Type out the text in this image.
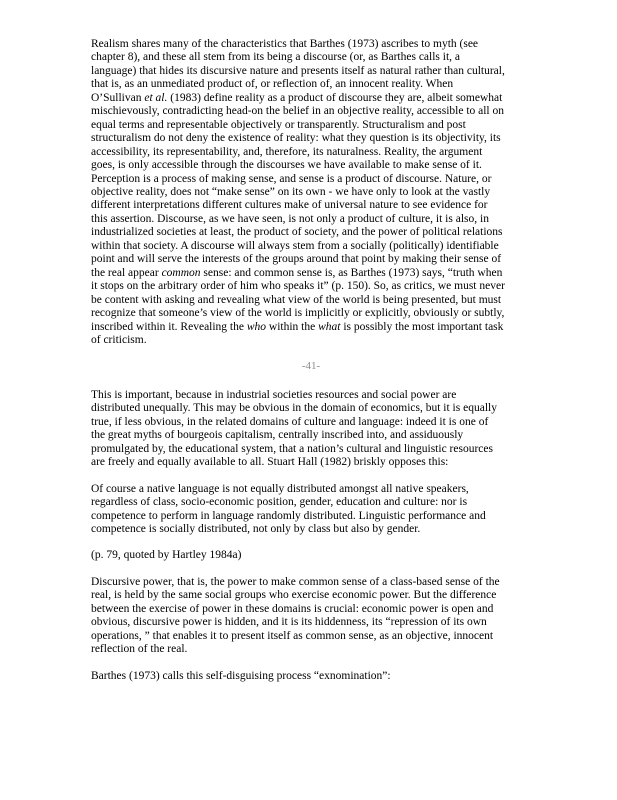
Realism shares many of the characteristics that Barthes (1973) ascribes to myth (see
chapter 8), and these all stem from its being a discourse (or, as Barthes calls it, a
language) that hides its discursive nature and presents itself as natural rather than cultural,
that is, as an unmediated product of, or reflection of, an innocent reality. When
O’Sullivan et al. (1983) define reality as a product of discourse they are, albeit somewhat
mischievously, contradicting head-on the belief in an objective reality, accessible to all on
equal terms and representable objectively or transparently. Structuralism and post
structuralism do not deny the existence of reality: what they question is its objectivity, its
accessibility, its representability, and, therefore, its naturalness. Reality, the argument
goes, is only accessible through the discourses we have available to make sense of it.
Perception is a process of making sense, and sense is a product of discourse. Nature, or
objective reality, does not “make sense” on its own - we have only to look at the vastly
different interpretations different cultures make of universal nature to see evidence for
this assertion. Discourse, as we have seen, is not only a product of culture, it is also, in
industrialized societies at least, the product of society, and the power of political relations
within that society. A discourse will always stem from a socially (politically) identifiable
point and will serve the interests of the groups around that point by making their sense of
the real appear common sense: and common sense is, as Barthes (1973) says, “truth when
it stops on the arbitrary order of him who speaks it” (p. 150). So, as critics, we must never
be content with asking and revealing what view of the world is being presented, but must
recognize that someone’s view of the world is implicitly or explicitly, obviously or subtly,
inscribed within it. Revealing the who within the what is possibly the most important task
of criticism.

-41-

This is important, because in industrial societies resources and social power are
distributed unequally. This may be obvious in the domain of economics, but it is equally
true, if less obvious, in the related domains of culture and language: indeed it is one of
the great myths of bourgeois capitalism, centrally inscribed into, and assiduously
promulgated by, the educational system, that a nation’s cultural and linguistic resources
are freely and equally available to all. Stuart Hall (1982) briskly opposes this:

Of course a native language is not equally distributed amongst all native speakers,
regardless of class, socio-economic position, gender, education and culture: nor is
competence to perform in language randomly distributed. Linguistic performance and
competence is socially distributed, not only by class but also by gender.

(p. 79, quoted by Hartley 1984a)

Discursive power, that is, the power to make common sense of a class-based sense of the
real, is held by the same social groups who exercise economic power. But the difference
between the exercise of power in these domains is crucial: economic power is open and
obvious, discursive power is hidden, and it is its hiddenness, its “repression of its own
operations, ” that enables it to present itself as common sense, as an objective, innocent
reflection of the real.

Barthes (1973) calls this self-disguising process “exnomination”:
